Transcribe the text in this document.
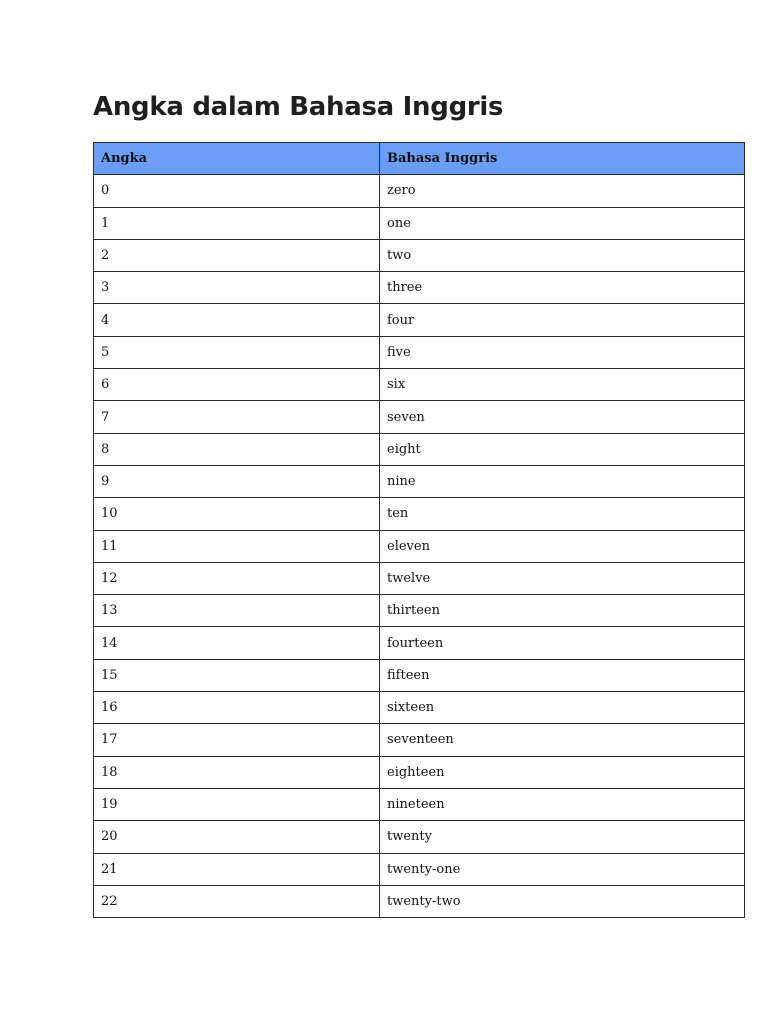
Angka dalam Bahasa Inggris
Angka	Bahasa Inggris
0	zero
1	one
2	two
3	three
4	four
5	five
6	six
7	seven
8	eight
9	nine
10	ten
11	eleven
12	twelve
13	thirteen
14	fourteen
15	fifteen
16	sixteen
17	seventeen
18	eighteen
19	nineteen
20	twenty
21	twenty-one
22	twenty-two
